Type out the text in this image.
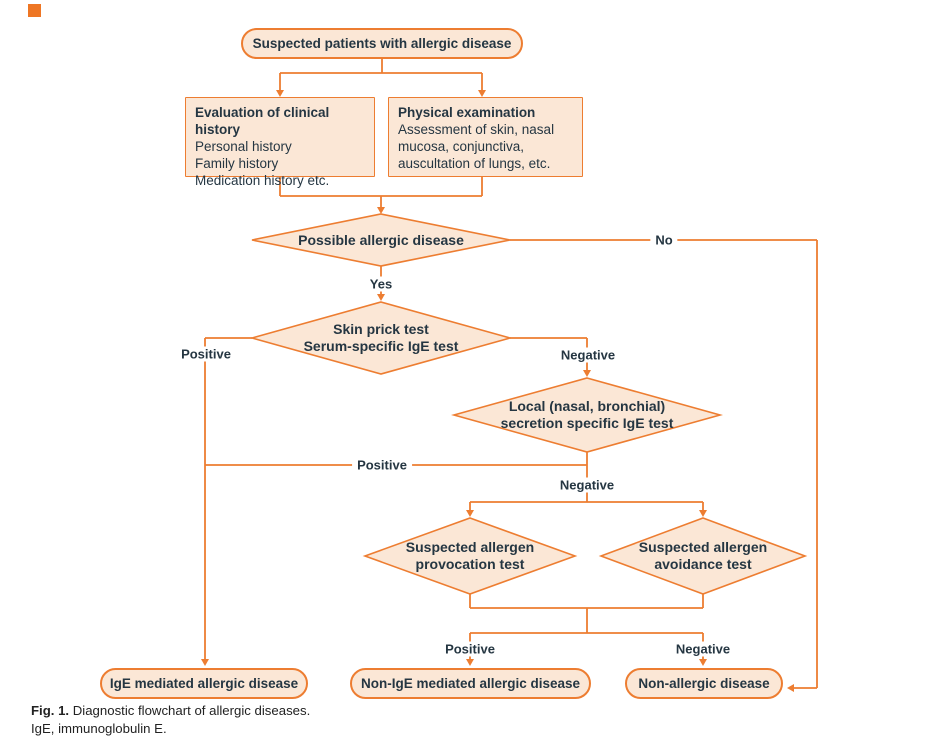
Suspected patients with allergic disease
Evaluation of clinical history
Personal history
Family history
Medication history etc.
Physical examination
Assessment of skin, nasal
mucosa, conjunctiva,
auscultation of lungs, etc.
Possible allergic disease
Skin prick test
Serum-specific IgE test
Local (nasal, bronchial)
secretion specific IgE test
Suspected allergen
provocation test
Suspected allergen
avoidance test
No
Yes
Positive	Negative
Positive
Negative
Positive	Negative
IgE mediated allergic disease	Non-IgE mediated allergic disease	Non-allergic disease
Fig. 1. Diagnostic flowchart of allergic diseases.
IgE, immunoglobulin E.
